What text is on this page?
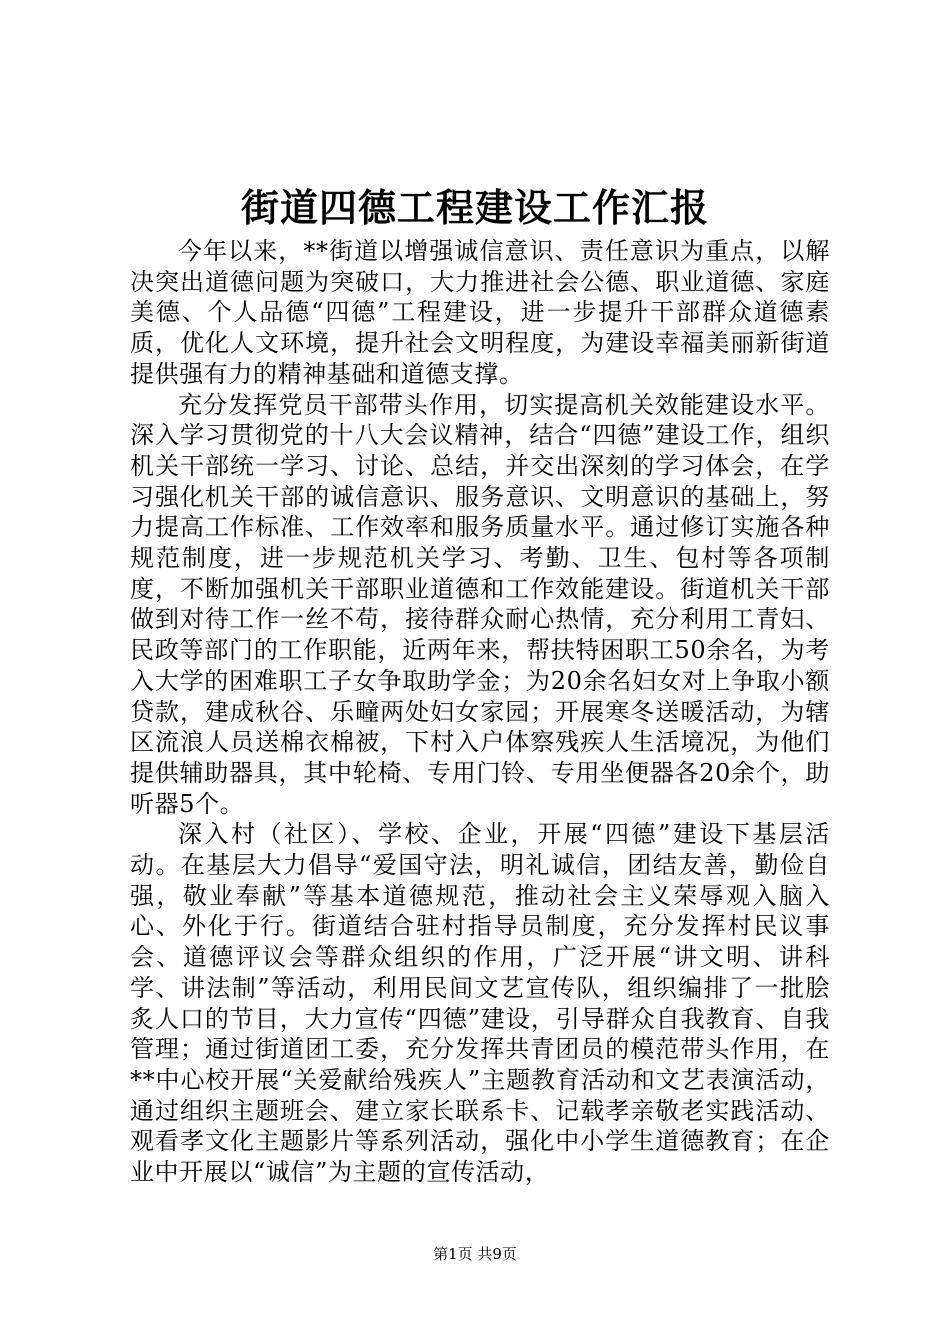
街道四德工程建设工作汇报

今年以来，**街道以增强诚信意识、责任意识为重点，以解决突出道德问题为突破口，大力推进社会公德、职业道德、家庭美德、个人品德“四德”工程建设，进一步提升干部群众道德素质，优化人文环境，提升社会文明程度，为建设幸福美丽新街道提供强有力的精神基础和道德支撑。

充分发挥党员干部带头作用，切实提高机关效能建设水平。深入学习贯彻党的十八大会议精神，结合“四德”建设工作，组织机关干部统一学习、讨论、总结，并交出深刻的学习体会，在学习强化机关干部的诚信意识、服务意识、文明意识的基础上，努力提高工作标准、工作效率和服务质量水平。通过修订实施各种规范制度，进一步规范机关学习、考勤、卫生、包村等各项制度，不断加强机关干部职业道德和工作效能建设。街道机关干部做到对待工作一丝不苟，接待群众耐心热情，充分利用工青妇、民政等部门的工作职能，近两年来，帮扶特困职工50余名，为考入大学的困难职工子女争取助学金；为20余名妇女对上争取小额贷款，建成秋谷、乐疃两处妇女家园；开展寒冬送暖活动，为辖区流浪人员送棉衣棉被，下村入户体察残疾人生活境况，为他们提供辅助器具，其中轮椅、专用门铃、专用坐便器各20余个，助听器5个。

深入村（社区）、学校、企业，开展“四德”建设下基层活动。在基层大力倡导“爱国守法，明礼诚信，团结友善，勤俭自强，敬业奉献”等基本道德规范，推动社会主义荣辱观入脑入心、外化于行。街道结合驻村指导员制度，充分发挥村民议事会、道德评议会等群众组织的作用，广泛开展“讲文明、讲科学、讲法制”等活动，利用民间文艺宣传队，组织编排了一批脍炙人口的节目，大力宣传“四德”建设，引导群众自我教育、自我管理；通过街道团工委，充分发挥共青团员的模范带头作用，在**中心校开展“关爱献给残疾人”主题教育活动和文艺表演活动，通过组织主题班会、建立家长联系卡、记载孝亲敬老实践活动、观看孝文化主题影片等系列活动，强化中小学生道德教育；在企业中开展以“诚信”为主题的宣传活动，

第1页 共9页
